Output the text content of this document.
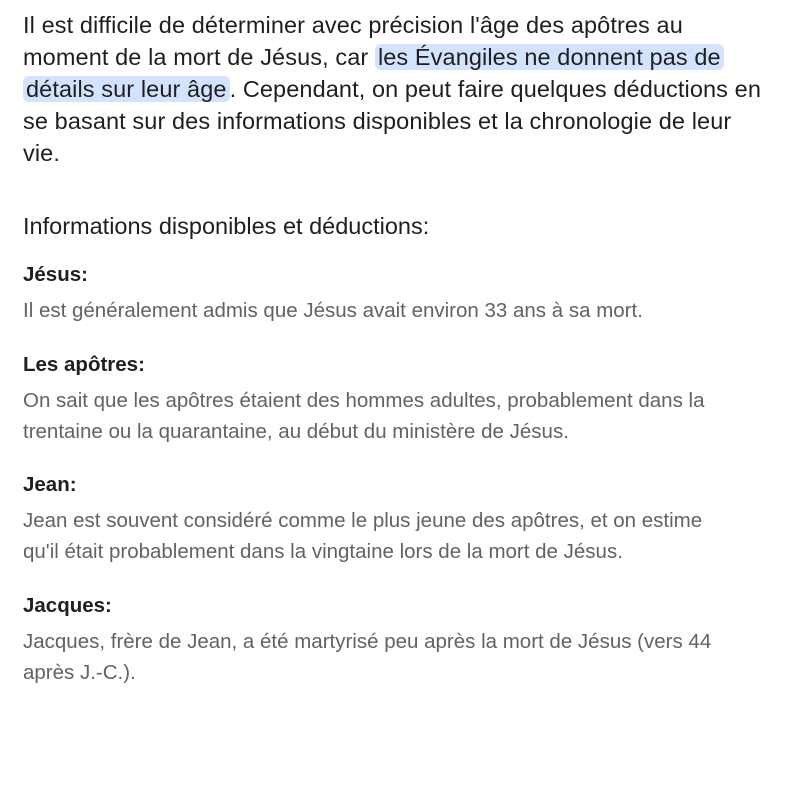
Il est difficile de déterminer avec précision l'âge des apôtres au moment de la mort de Jésus, car les Évangiles ne donnent pas de détails sur leur âge . Cependant, on peut faire quelques déductions en se basant sur des informations disponibles et la chronologie de leur vie.

Informations disponibles et déductions:

Jésus:

Il est généralement admis que Jésus avait environ 33 ans à sa mort.

Les apôtres:

On sait que les apôtres étaient des hommes adultes, probablement dans la trentaine ou la quarantaine, au début du ministère de Jésus.

Jean:

Jean est souvent considéré comme le plus jeune des apôtres, et on estime qu'il était probablement dans la vingtaine lors de la mort de Jésus.

Jacques:

Jacques, frère de Jean, a été martyrisé peu après la mort de Jésus (vers 44 après J.-C.).
